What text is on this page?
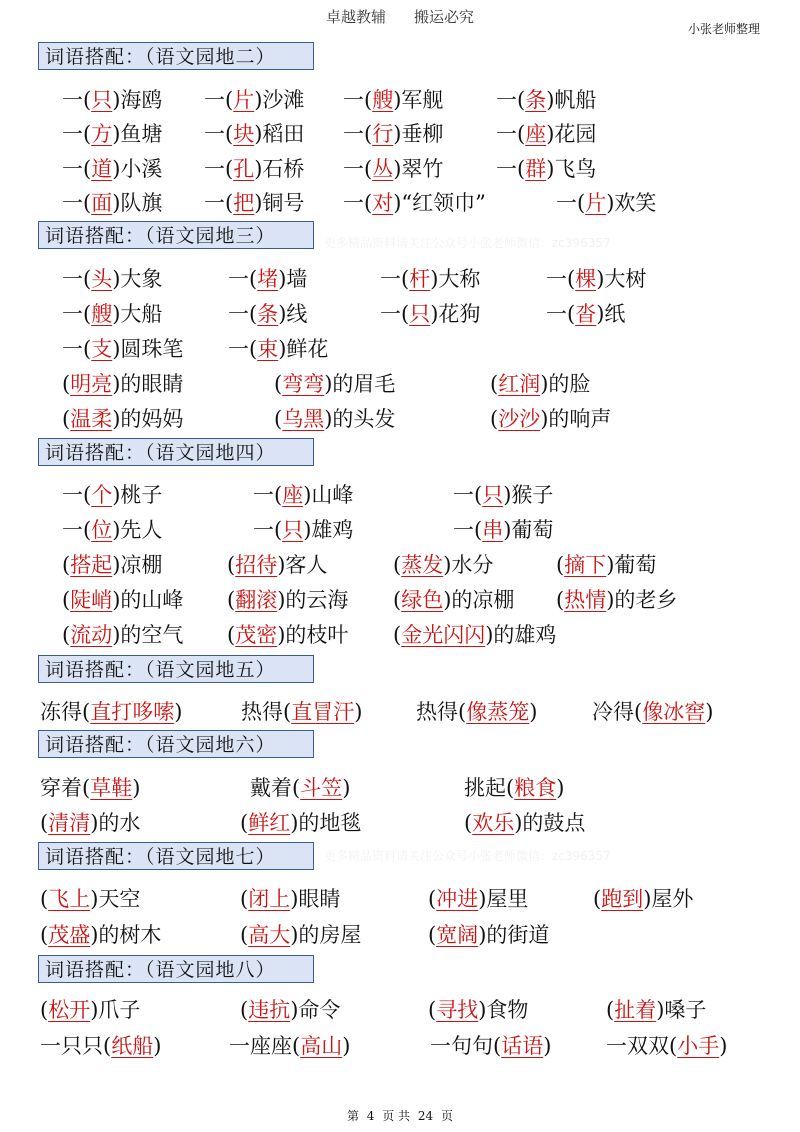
卓越教辅 搬运必究
小张老师整理
更多精品资料请关注公众号小张老师微信：zc396357
更多精品资料请关注公众号小张老师微信：zc396357
词语搭配：（语文园地二）
一(只)海鸥 一(片)沙滩 一(艘)军舰	一(条)帆船
一(方)鱼塘 一(块)稻田 一(行)垂柳	一(座)花园
一(道)小溪 一(孔)石桥 一(丛)翠竹	一(群)飞鸟
一(面)队旗 一(把)铜号 一(对)“红领巾”	一(片)欢笑
词语搭配：（语文园地三）
一(头)大象	一(堵)墙	一(杆)大称	一(棵)大树
一(艘)大船	一(条)线	一(只)花狗	一(沓)纸
一(支)圆珠笔 一(束)鲜花
(明亮)的眼睛	(弯弯)的眉毛	(红润)的脸
(温柔)的妈妈	(乌黑)的头发	(沙沙)的响声
词语搭配：（语文园地四）
一(个)桃子	一(座)山峰	一(只)猴子
一(位)先人	一(只)雄鸡	一(串)葡萄
(搭起)凉棚	(招待)客人	(蒸发)水分	(摘下)葡萄
(陡峭)的山峰 (翻滚)的云海 (绿色)的凉棚 (热情)的老乡
(流动)的空气 (茂密)的枝叶 (金光闪闪)的雄鸡
词语搭配：（语文园地五）
冻得(直打哆嗦)	热得(直冒汗)	热得(像蒸笼)	冷得(像冰窖)
词语搭配：（语文园地六）
穿着(草鞋)	戴着(斗笠)	挑起(粮食)
(清清)的水	(鲜红)的地毯	(欢乐)的鼓点
词语搭配：（语文园地七）
(飞上)天空	(闭上)眼睛	(冲进)屋里	(跑到)屋外
(茂盛)的树木	(高大)的房屋	(宽阔)的街道
词语搭配：（语文园地八）
(松开)爪子	(违抗)命令	(寻找)食物	(扯着)嗓子
一只只(纸船)	一座座(高山)	一句句(话语)	一双双(小手)
第 4 页 共 24 页
